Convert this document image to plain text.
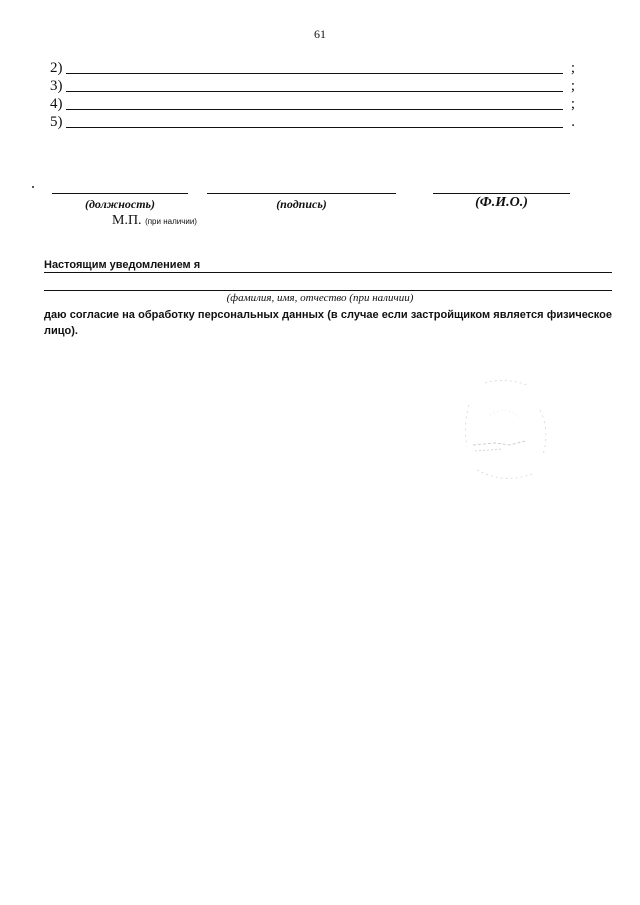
61
2)	;
3)	;
4)	;
5)	.
(должность)	(подпись)	(Ф.И.О.)
М.П. (при наличии)
Настоящим уведомлением я
(фамилия, имя, отчество (при наличии)
даю согласие на обработку персональных данных (в случае если застройщиком является физическое лицо).
